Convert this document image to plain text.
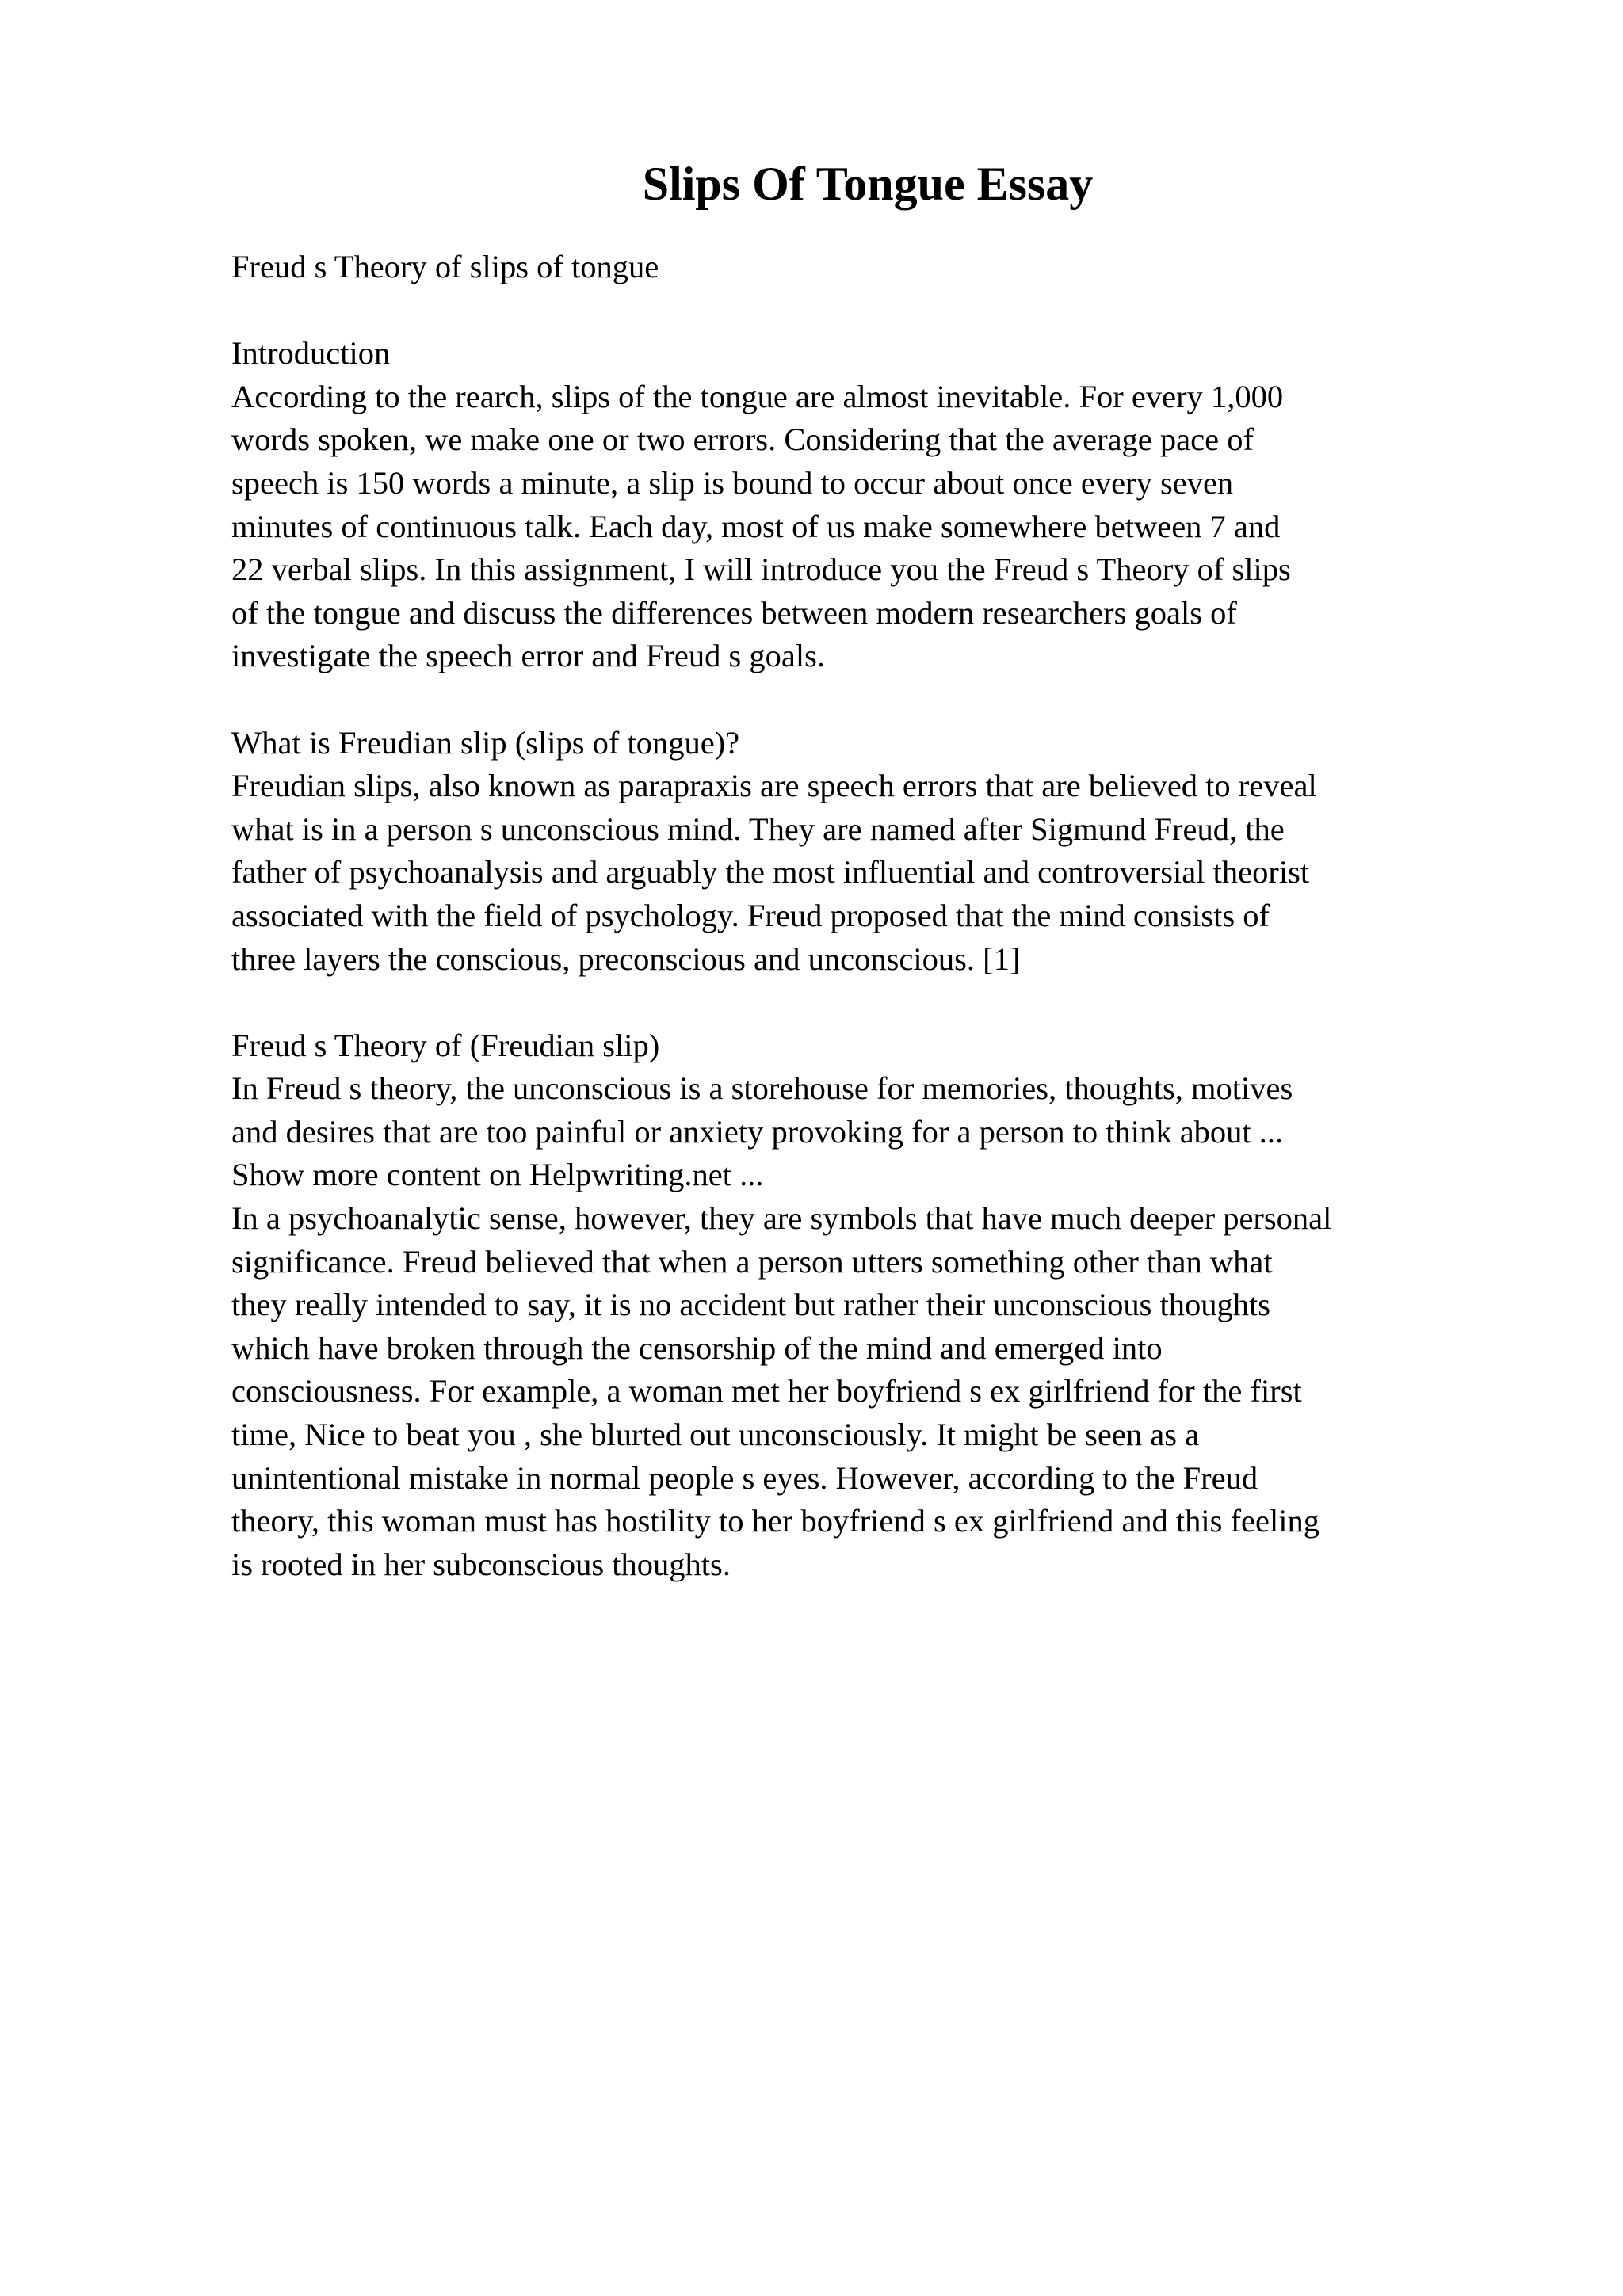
Slips Of Tongue Essay
Freud s Theory of slips of tongue
Introduction
According to the rearch, slips of the tongue are almost inevitable. For every 1,000
words spoken, we make one or two errors. Considering that the average pace of
speech is 150 words a minute, a slip is bound to occur about once every seven
minutes of continuous talk. Each day, most of us make somewhere between 7 and
22 verbal slips. In this assignment, I will introduce you the Freud s Theory of slips
of the tongue and discuss the differences between modern researchers goals of
investigate the speech error and Freud s goals.
What is Freudian slip (slips of tongue)?
Freudian slips, also known as parapraxis are speech errors that are believed to reveal
what is in a person s unconscious mind. They are named after Sigmund Freud, the
father of psychoanalysis and arguably the most influential and controversial theorist
associated with the field of psychology. Freud proposed that the mind consists of
three layers the conscious, preconscious and unconscious. [1]
Freud s Theory of (Freudian slip)
In Freud s theory, the unconscious is a storehouse for memories, thoughts, motives
and desires that are too painful or anxiety provoking for a person to think about ...
Show more content on Helpwriting.net ...
In a psychoanalytic sense, however, they are symbols that have much deeper personal
significance. Freud believed that when a person utters something other than what
they really intended to say, it is no accident but rather their unconscious thoughts
which have broken through the censorship of the mind and emerged into
consciousness. For example, a woman met her boyfriend s ex girlfriend for the first
time, Nice to beat you , she blurted out unconsciously. It might be seen as a
unintentional mistake in normal people s eyes. However, according to the Freud
theory, this woman must has hostility to her boyfriend s ex girlfriend and this feeling
is rooted in her subconscious thoughts.
